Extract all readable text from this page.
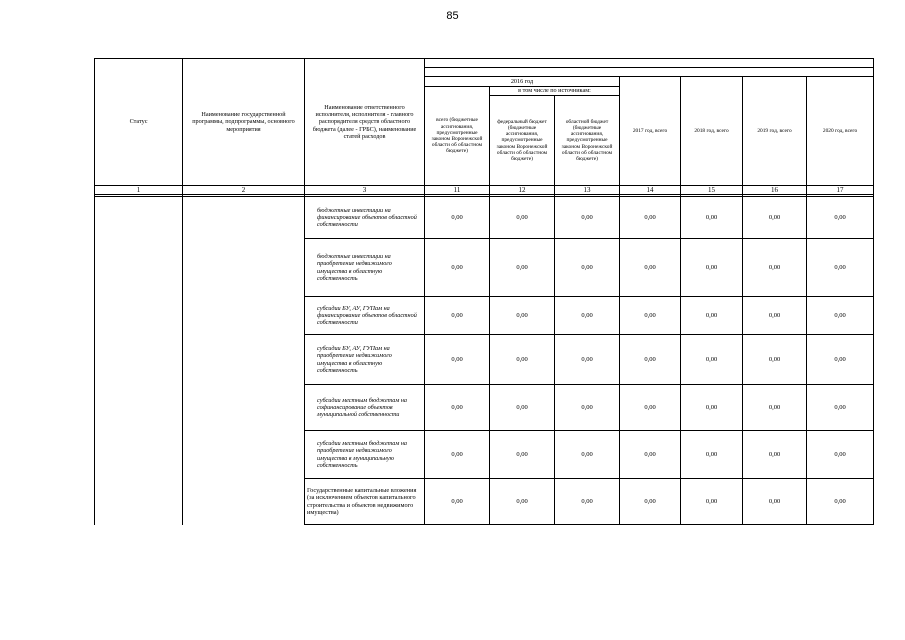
85
Статус	Наименование государственной программы, подпрограммы, основного мероприятия	Наименование ответственного исполнителя, исполнителя - главного распорядителя средств областного бюджета (далее - ГРБС), наименование статей расходов							

			2016 год			2017 год, всего	2018 год, всего	2019 год, всего	2020 год, всего
			всего (бюджетные ассигнования, предусмотренные законом Воронежской области об областном бюджете)	в том числе по источникам:					
				федеральный бюджет (бюджетные ассигнования, предусмотренные законом Воронежской области об областном бюджете)	областной бюджет (бюджетные ассигнования, предусмотренные законом Воронежской области об областном бюджете)				
1	2	3	11	12	13	14	15	16	17

		бюджетные инвестиции на финансирование объектов областной собственности	0,00	0,00	0,00	0,00	0,00	0,00	0,00
		бюджетные инвестиции на приобретение недвижимого имущества в областную собственность	0,00	0,00	0,00	0,00	0,00	0,00	0,00
		субсидии БУ, АУ, ГУПам на финансирование объектов областной собственности	0,00	0,00	0,00	0,00	0,00	0,00	0,00
		субсидии БУ, АУ, ГУПам на приобретение недвижимого имущества в областную собственность	0,00	0,00	0,00	0,00	0,00	0,00	0,00
		субсидии местным бюджетам на софинансирование объектов муниципальной собственности	0,00	0,00	0,00	0,00	0,00	0,00	0,00
		субсидии местным бюджетам на приобретение недвижимого имущества в муниципальную собственность	0,00	0,00	0,00	0,00	0,00	0,00	0,00
		Государственные капитальные вложения (за исключением объектов капитального строительства и объектов недвижимого имущества)	0,00	0,00	0,00	0,00	0,00	0,00	0,00
